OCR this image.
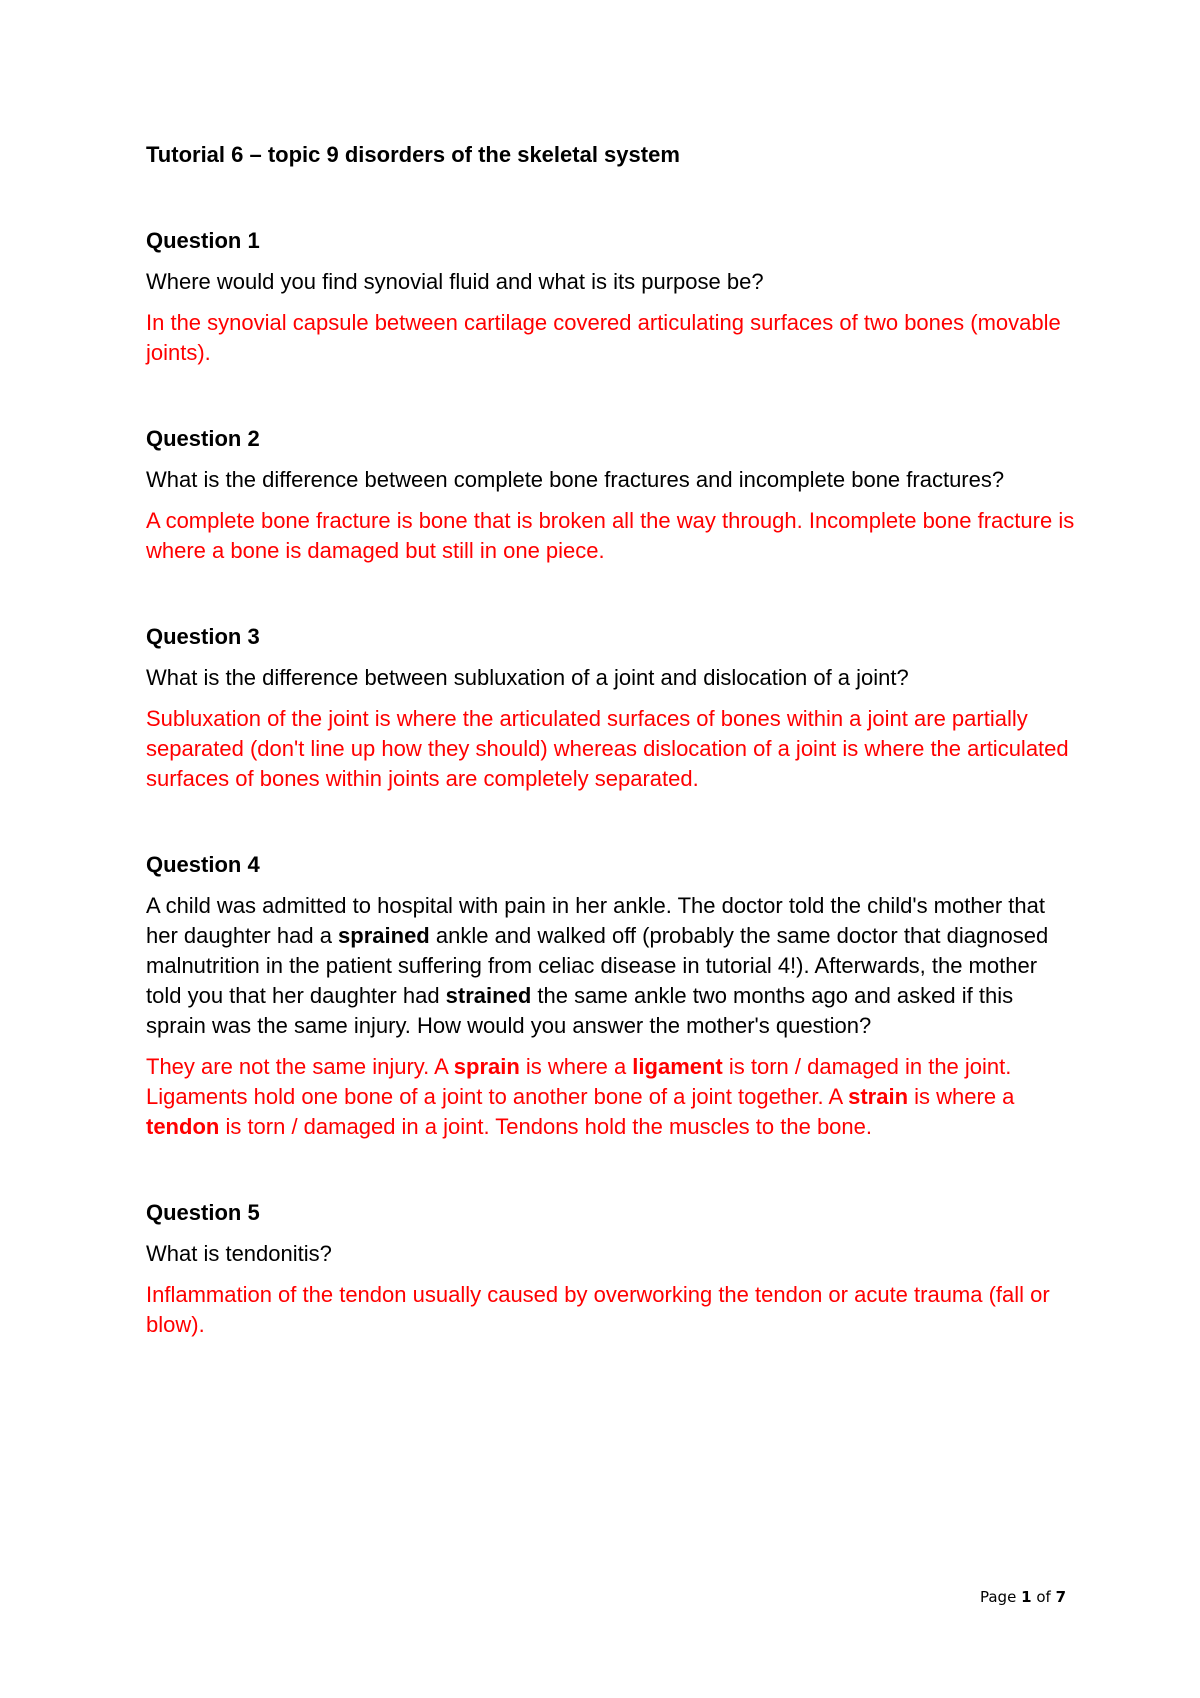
Tutorial 6 – topic 9 disorders of the skeletal system

Question 1

Where would you find synovial fluid and what is its purpose be?

In the synovial capsule between cartilage covered articulating surfaces of two bones (movable joints).

Question 2

What is the difference between complete bone fractures and incomplete bone fractures?

A complete bone fracture is bone that is broken all the way through. Incomplete bone fracture is where a bone is damaged but still in one piece.

Question 3

What is the difference between subluxation of a joint and dislocation of a joint?

Subluxation of the joint is where the articulated surfaces of bones within a joint are partially separated (don't line up how they should) whereas dislocation of a joint is where the articulated surfaces of bones within joints are completely separated.

Question 4

A child was admitted to hospital with pain in her ankle. The doctor told the child's mother that her daughter had a sprained ankle and walked off (probably the same doctor that diagnosed malnutrition in the patient suffering from celiac disease in tutorial 4!). Afterwards, the mother told you that her daughter had strained the same ankle two months ago and asked if this sprain was the same injury. How would you answer the mother's question?

They are not the same injury. A sprain is where a ligament is torn / damaged in the joint. Ligaments hold one bone of a joint to another bone of a joint together. A strain is where a tendon is torn / damaged in a joint. Tendons hold the muscles to the bone.

Question 5

What is tendonitis?

Inflammation of the tendon usually caused by overworking the tendon or acute trauma (fall or blow).

Page 1 of 7
